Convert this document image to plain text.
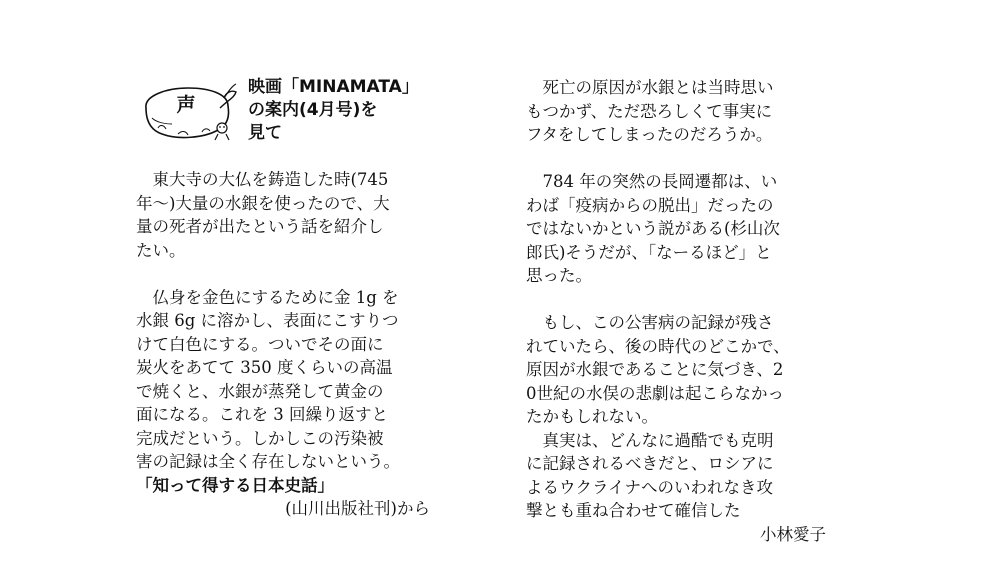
声
映画「MINAMATA」
の案内(4月号)を
見て
　東大寺の大仏を鋳造した時(745
年〜)大量の水銀を使ったので、大
量の死者が出たという話を紹介し
たい。
　仏身を金色にするために金 1g を
水銀 6g に溶かし、表面にこすりつ
けて白色にする。ついでその面に
炭火をあてて 350 度くらいの高温
で焼くと、水銀が蒸発して黄金の
面になる。これを 3 回繰り返すと
完成だという。しかしこの汚染被
害の記録は全く存在しないという。
「知って得する日本史話」
(山川出版社刊)から
　死亡の原因が水銀とは当時思い
もつかず、ただ恐ろしくて事実に
フタをしてしまったのだろうか。
　784 年の突然の長岡遷都は、い
わば「疫病からの脱出」だったの
ではないかという説がある(杉山次
郎氏)そうだが、「なーるほど」と
思った。
　もし、この公害病の記録が残さ
れていたら、後の時代のどこかで、
原因が水銀であることに気づき、2
0世紀の水俣の悲劇は起こらなかっ
たかもしれない。
　真実は、どんなに過酷でも克明
に記録されるべきだと、ロシアに
よるウクライナへのいわれなき攻
撃とも重ね合わせて確信した
小林愛子
